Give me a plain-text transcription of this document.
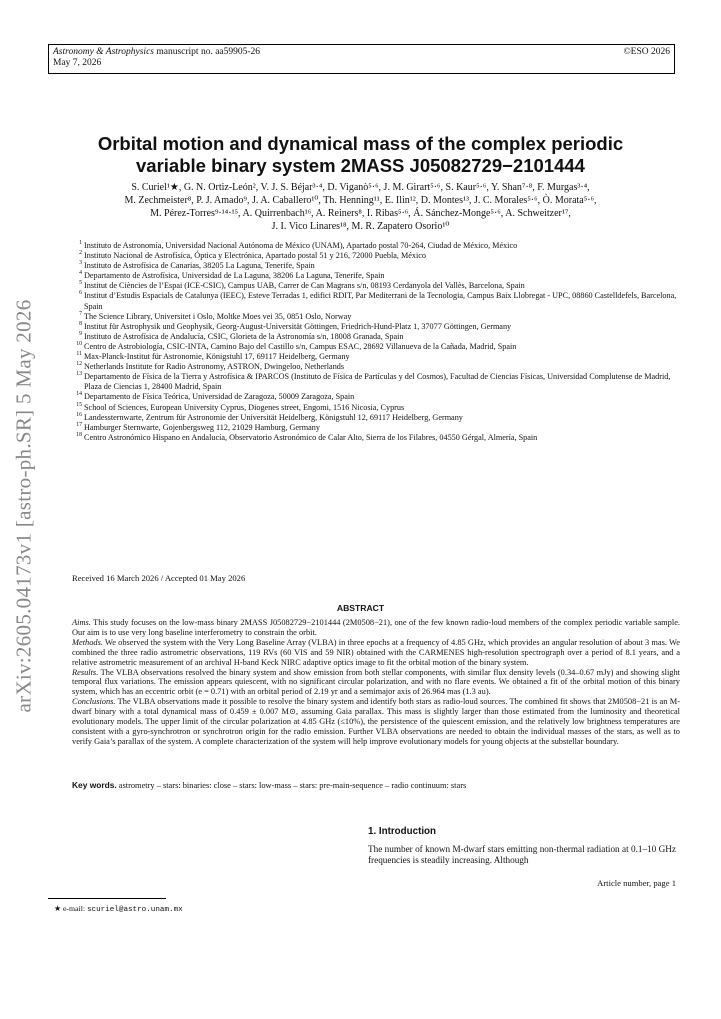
Astronomy & Astrophysics manuscript no. aa59905-26
May 7, 2026
©ESO 2026
arXiv:2605.04173v1 [astro-ph.SR] 5 May 2026
Orbital motion and dynamical mass of the complex periodic
variable binary system 2MASS J05082729−2101444
S. Curiel¹★, G. N. Ortiz-León², V. J. S. Béjar³·⁴, D. Viganò⁵·⁶, J. M. Girart⁵·⁶, S. Kaur⁵·⁶, Y. Shan⁷·⁸, F. Murgas³·⁴,
M. Zechmeister⁸, P. J. Amado⁹, J. A. Caballero¹⁰, Th. Henning¹¹, E. Ilin¹², D. Montes¹³, J. C. Morales⁵·⁶, Ò. Morata⁵·⁶,
M. Pérez-Torres⁹·¹⁴·¹⁵, A. Quirrenbach¹⁶, A. Reiners⁸, I. Ribas⁵·⁶, Á. Sánchez-Monge⁵·⁶, A. Schweitzer¹⁷,
J. I. Vico Linares¹⁸, M. R. Zapatero Osorio¹⁰
1 Instituto de Astronomía, Universidad Nacional Autónoma de México (UNAM), Apartado postal 70-264, Ciudad de México, México
2 Instituto Nacional de Astrofísica, Óptica y Electrónica, Apartado postal 51 y 216, 72000 Puebla, México
3 Instituto de Astrofísica de Canarias, 38205 La Laguna, Tenerife, Spain
4 Departamento de Astrofísica, Universidad de La Laguna, 38206 La Laguna, Tenerife, Spain
5 Institut de Ciències de l’Espai (ICE-CSIC), Campus UAB, Carrer de Can Magrans s/n, 08193 Cerdanyola del Vallès, Barcelona, Spain
6 Institut d’Estudis Espacials de Catalunya (IEEC), Esteve Terradas 1, edifici RDIT, Par Mediterrani de la Tecnologia, Campus Baix Llobregat - UPC, 08860 Castelldefels, Barcelona, Spain
7 The Science Library, Universitet i Oslo, Moltke Moes vei 35, 0851 Oslo, Norway
8 Institut für Astrophysik und Geophysik, Georg-August-Universität Göttingen, Friedrich-Hund-Platz 1, 37077 Göttingen, Germany
9 Instituto de Astrofísica de Andalucía, CSIC, Glorieta de la Astronomía s/n, 18008 Granada, Spain
10 Centro de Astrobiología, CSIC-INTA, Camino Bajo del Castillo s/n, Campus ESAC, 28692 Villanueva de la Cañada, Madrid, Spain
11 Max-Planck-Institut für Astronomie, Königstuhl 17, 69117 Heidelberg, Germany
12 Netherlands Institute for Radio Astronomy, ASTRON, Dwingeloo, Netherlands
13 Departamento de Física de la Tierra y Astrofísica & IPARCOS (Instituto de Física de Partículas y del Cosmos), Facultad de Ciencias Físicas, Universidad Complutense de Madrid, Plaza de Ciencias 1, 28400 Madrid, Spain
14 Departamento de Física Teórica, Universidad de Zaragoza, 50009 Zaragoza, Spain
15 School of Sciences, European University Cyprus, Diogenes street, Engomi, 1516 Nicosia, Cyprus
16 Landessternwarte, Zentrum für Astronomie der Universität Heidelberg, Königstuhl 12, 69117 Heidelberg, Germany
17 Hamburger Sternwarte, Gojenbergsweg 112, 21029 Hamburg, Germany
18 Centro Astronómico Hispano en Andalucía, Observatorio Astronómico de Calar Alto, Sierra de los Filabres, 04550 Gérgal, Almería, Spain
Received 16 March 2026 / Accepted 01 May 2026
ABSTRACT
Aims. This study focuses on the low-mass binary 2MASS J05082729−2101444 (2M0508−21), one of the few known radio-loud members of the complex periodic variable sample. Our aim is to use very long baseline interferometry to constrain the orbit.
Methods. We observed the system with the Very Long Baseline Array (VLBA) in three epochs at a frequency of 4.85 GHz, which provides an angular resolution of about 3 mas. We combined the three radio astrometric observations, 119 RVs (60 VIS and 59 NIR) obtained with the CARMENES high-resolution spectrograph over a period of 8.1 years, and a relative astrometric measurement of an archival H-band Keck NIRC adaptive optics image to fit the orbital motion of the binary system.
Results. The VLBA observations resolved the binary system and show emission from both stellar components, with similar flux density levels (0.34–0.67 mJy) and showing slight temporal flux variations. The emission appears quiescent, with no significant circular polarization, and with no flare events. We obtained a fit of the orbital motion of this binary system, which has an eccentric orbit (e = 0.71) with an orbital period of 2.19 yr and a semimajor axis of 26.964 mas (1.3 au).
Conclusions. The VLBA observations made it possible to resolve the binary system and identify both stars as radio-loud sources. The combined fit shows that 2M0508−21 is an M-dwarf binary with a total dynamical mass of 0.459 ± 0.007 M⊙, assuming Gaia parallax. This mass is slightly larger than those estimated from the luminosity and theoretical evolutionary models. The upper limit of the circular polarization at 4.85 GHz (≤10%), the persistence of the quiescent emission, and the relatively low brightness temperatures are consistent with a gyro-synchrotron or synchrotron origin for the radio emission. Further VLBA observations are needed to obtain the individual masses of the stars, as well as to verify Gaia’s parallax of the system. A complete characterization of the system will help improve evolutionary models for young objects at the substellar boundary.
Key words. astrometry – stars: binaries: close – stars: low-mass – stars: pre-main-sequence – radio continuum: stars
1. Introduction
The number of known M-dwarf stars emitting non-thermal radiation at 0.1–10 GHz frequencies is steadily increasing. Although
Article number, page 1
★ e-mail: scuriel@astro.unam.mx
